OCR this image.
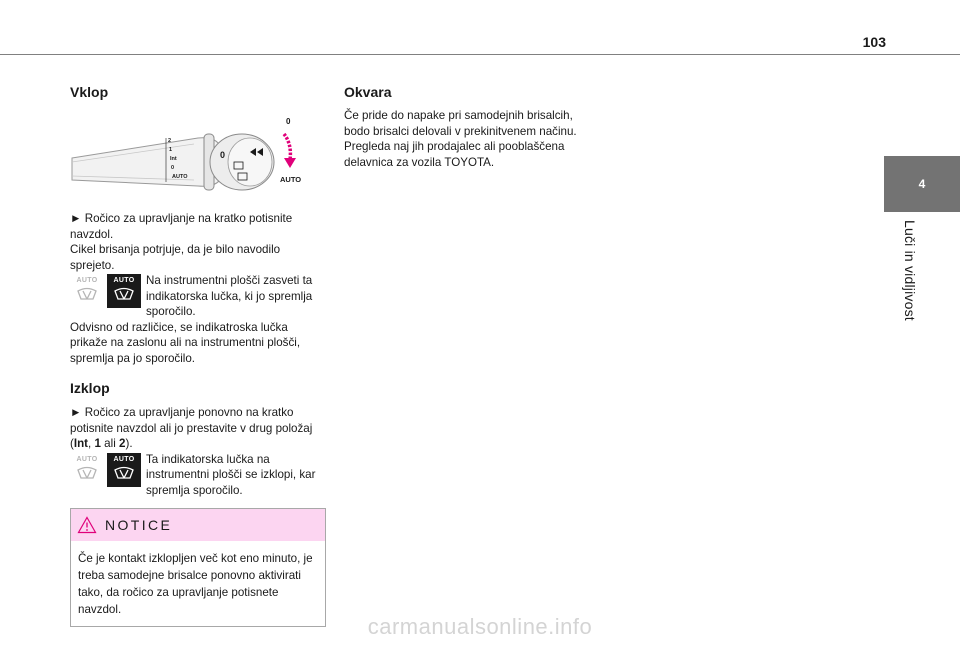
103
4
Luči in vidljivost
Vklop
2
1
Int
0
AUTO
0
0
AUTO

► Ročico za upravljanje na kratko potisnite navzdol.

Cikel brisanja potrjuje, da je bilo navodilo sprejeto.

AUTO AUTO Na instrumentni plošči zasveti ta indikatorska lučka, ki jo spremlja sporočilo.

Odvisno od različice, se indikatroska lučka prikaže na zaslonu ali na instrumentni plošči, spremlja pa jo sporočilo.

Izklop

► Ročico za upravljanje ponovno na kratko potisnite navzdol ali jo prestavite v drug položaj (Int, 1 ali 2).

AUTO AUTO Ta indikatorska lučka na instrumentni plošči se izklopi, kar spremlja sporočilo.

NOTICE
Če je kontakt izklopljen več kot eno minuto, je treba samodejne brisalce ponovno aktivirati tako, da ročico za upravljanje potisnete navzdol.
Okvara

Če pride do napake pri samodejnih brisalcih, bodo brisalci delovali v prekinitvenem načinu. Pregleda naj jih prodajalec ali pooblaščena delavnica za vozila TOYOTA.

carmanualsonline.info
